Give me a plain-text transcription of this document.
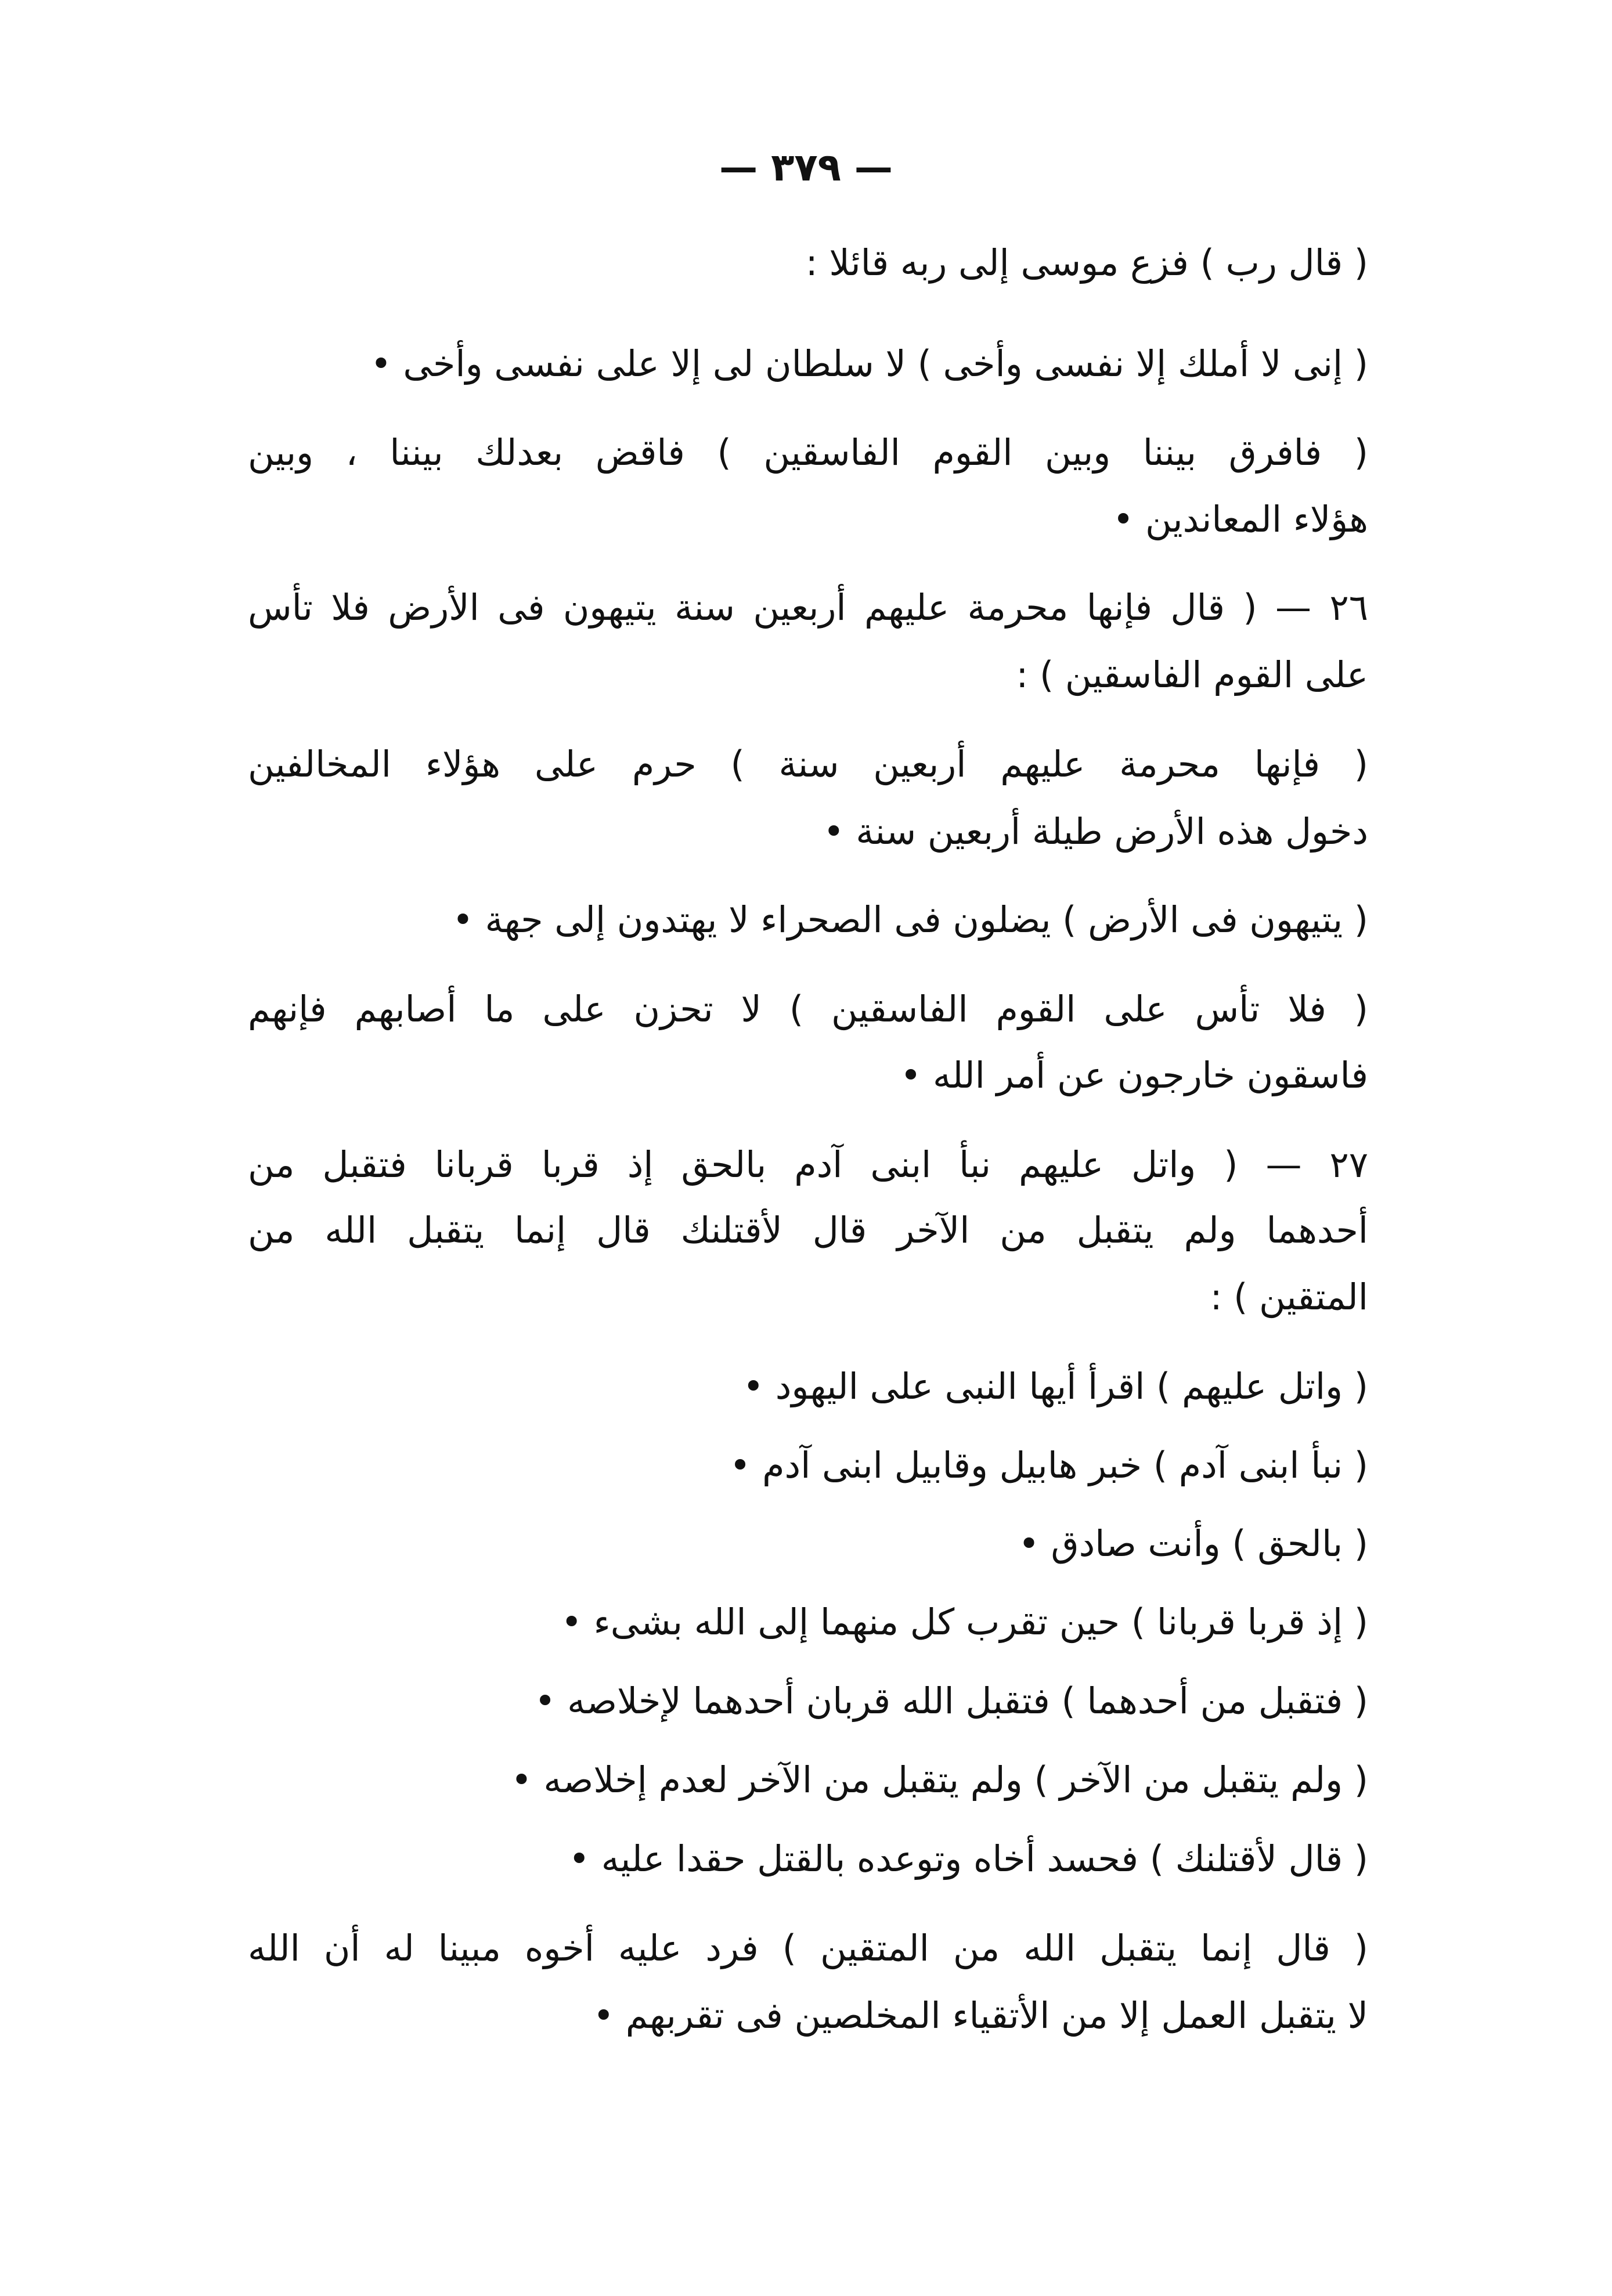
— ٣٧٩ —
( قال رب ) فزع موسى إلى ربه قائلا :
( إنى لا أملك إلا نفسى وأخى ) لا سلطان لى إلا على نفسى وأخى •
( فافرق بيننا وبين القوم الفاسقين ) فاقض بعدلك بيننا ، وبين
هؤلاء المعاندين •
٢٦ — ( قال فإنها محرمة عليهم أربعين سنة يتيهون فى الأرض فلا تأس
على القوم الفاسقين ) :
( فإنها محرمة عليهم أربعين سنة ) حرم على هؤلاء المخالفين
دخول هذه الأرض طيلة أربعين سنة •
( يتيهون فى الأرض ) يضلون فى الصحراء لا يهتدون إلى جهة •
( فلا تأس على القوم الفاسقين ) لا تحزن على ما أصابهم فإنهم
فاسقون خارجون عن أمر الله •
٢٧ — ( واتل عليهم نبأ ابنى آدم بالحق إذ قربا قربانا فتقبل من
أحدهما ولم يتقبل من الآخر قال لأقتلنك قال إنما يتقبل الله من
المتقين ) :
( واتل عليهم ) اقرأ أيها النبى على اليهود •
( نبأ ابنى آدم ) خبر هابيل وقابيل ابنى آدم •
( بالحق ) وأنت صادق •
( إذ قربا قربانا ) حين تقرب كل منهما إلى الله بشىء •
( فتقبل من أحدهما ) فتقبل الله قربان أحدهما لإخلاصه •
( ولم يتقبل من الآخر ) ولم يتقبل من الآخر لعدم إخلاصه •
( قال لأقتلنك ) فحسد أخاه وتوعده بالقتل حقدا عليه •
( قال إنما يتقبل الله من المتقين ) فرد عليه أخوه مبينا له أن الله
لا يتقبل العمل إلا من الأتقياء المخلصين فى تقربهم •
